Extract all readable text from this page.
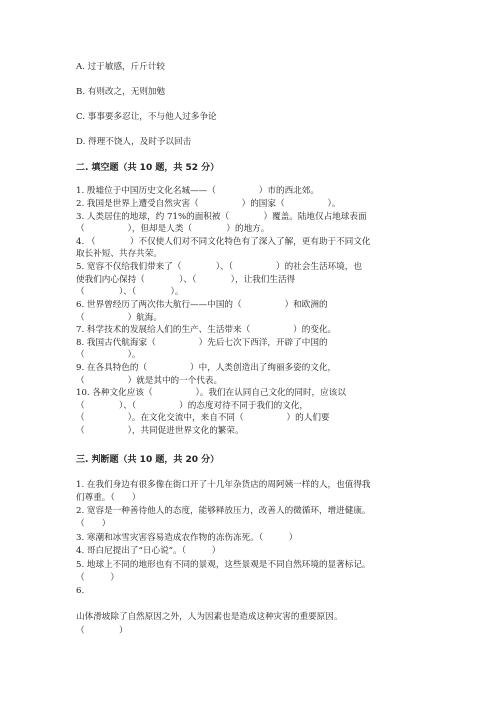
A. 过于敏感，斤斤计较
B. 有则改之，无则加勉
C. 事事要多忍让，不与他人过多争论
D. 得理不饶人，及时予以回击
二. 填空题（共 10 题，共 52 分）
1. 殷墟位于中国历史文化名城——（　　　　　）市的西北郊。
2. 我国是世界上遭受自然灾害（　　　　　）的国家（　　　　　）。
3. 人类居住的地球，约 71%的面积被（　　　　）覆盖。陆地仅占地球表面
（　　　　　），但却是人类（　　　　）的地方。
4. （　　　　）不仅使人们对不同文化特色有了深入了解，更有助于不同文化
取长补短、共存共荣。
5. 宽容不仅给我们带来了（　　　　）、（　　　　　）的社会生活环境，也
使我们内心保持（　　　　）、（　　　　），让我们生活得
（　　　　）、（　　　　）。
6. 世界曾经历了两次伟大航行——中国的（　　　　　）和欧洲的
（　　　　　）航海。
7. 科学技术的发展给人们的生产、生活带来（　　　　　）的变化。
8. 我国古代航海家（　　　　　）先后七次下西洋，开辟了中国的
（　　　　　）。
9. 在各具特色的（　　　　　）中，人类创造出了绚丽多姿的文化，
（　　　　　）就是其中的一个代表。
10. 各种文化应该（　　　　　）。我们在认同自己文化的同时，应该以
（　　　　）、（　　　　　）的态度对待不同于我们的文化，
（　　　　　）。在文化交流中，来自不同（　　　　　）的人们要
（　　　　　），共同促进世界文化的繁荣。
三. 判断题（共 10 题，共 20 分）
1. 在我们身边有很多像在街口开了十几年杂货店的周阿姨一样的人，也值得我
们尊重。（　　）
2. 宽容是一种善待他人的态度，能够释放压力，改善人的微循环，增进健康。
（　　）
3. 寒潮和冰雪灾害容易造成农作物的冻伤冻死。（　　　）
4. 哥白尼提出了“日心说”。（　　　）
5. 地球上不同的地形也有不同的景观，这些景观是不同自然环境的显著标记。
（　　　）
6.
山体滑坡除了自然原因之外，人为因素也是造成这种灾害的重要原因。
（　　　　）
